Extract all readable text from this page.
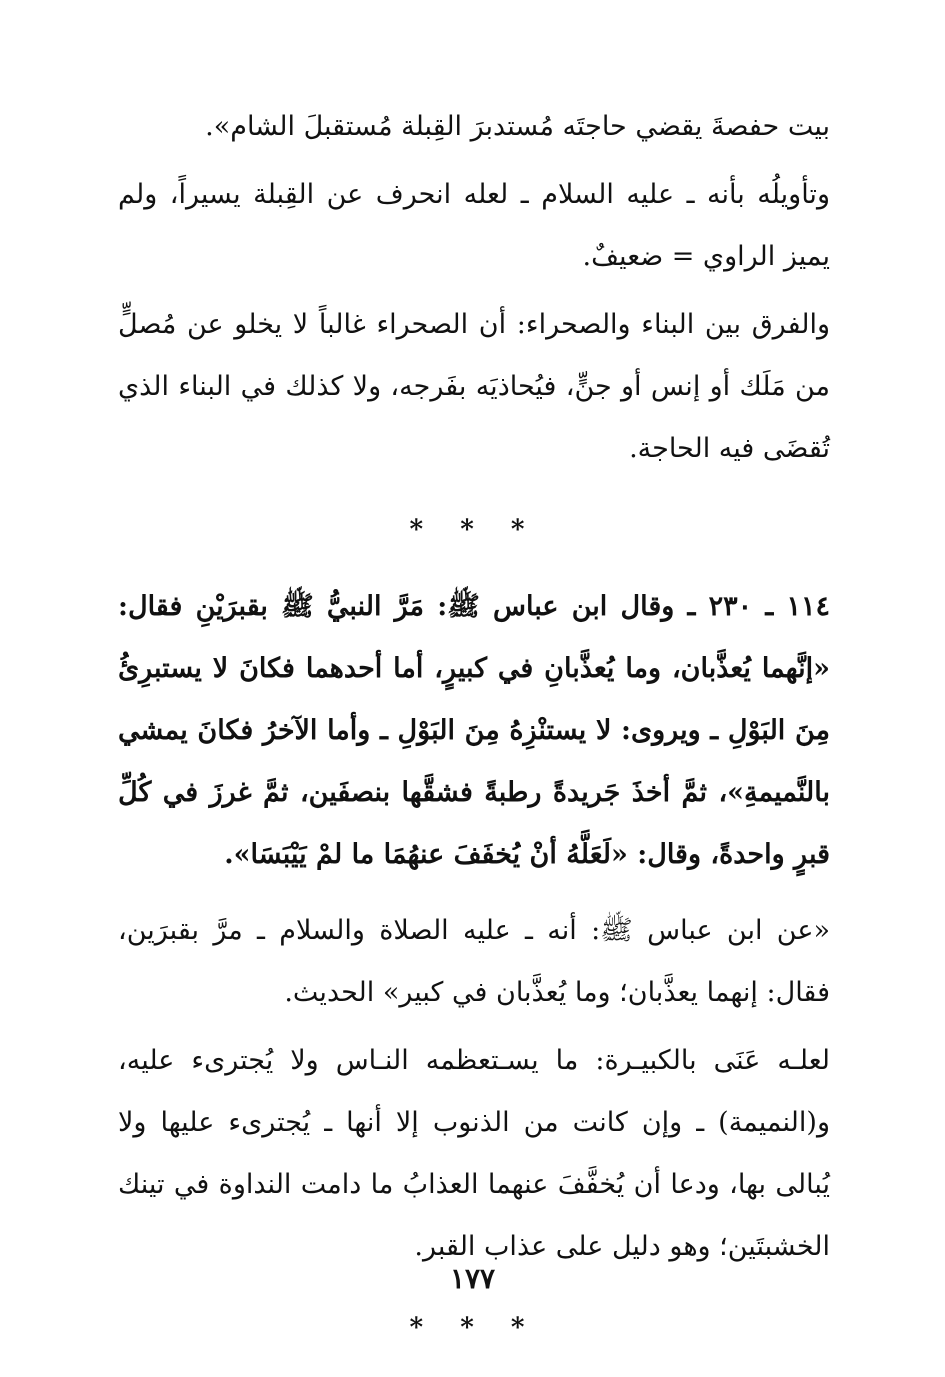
بيت حفصةَ يقضي حاجتَه مُستدبرَ القِبلة مُستقبلَ الشام».

وتأويلُه بأنه ـ عليه السلام ـ لعله انحرف عن القِبلة يسيراً، ولم يميز الراوي = ضعيفٌ.

والفرق بين البناء والصحراء: أن الصحراء غالباً لا يخلو عن مُصلٍّ من مَلَك أو إنس أو جنٍّ، فيُحاذيَه بفَرجه، ولا كذلك في البناء الذي تُقضَى فيه الحاجة.

* * *

١١٤ ـ ٢٣٠ ـ وقال ابن عباس ﷺ: مَرَّ النبيُّ ﷺ بقبرَيْنِ فقال: «إنَّهما يُعذَّبان، وما يُعذَّبانِ في كبيرٍ، أما أحدهما فكانَ لا يستبرِئُ مِنَ البَوْلِ ـ ويروى: لا يستنْزِهُ مِنَ البَوْلِ ـ وأما الآخرُ فكانَ يمشي بالنَّميمةِ»، ثمَّ أخذَ جَريدةً رطبةً فشقَّها بنصفَين، ثمَّ غرزَ في كُلِّ قبرٍ واحدةً، وقال: «لَعَلَّهُ أنْ يُخفَفَ عنهُمَا ما لمْ يَيْبَسَا».

«عن ابن عباس ﷺ: أنه ـ عليه الصلاة والسلام ـ مرَّ بقبرَين، فقال: إنهما يعذَّبان؛ وما يُعذَّبان في كبير» الحديث.

لعلـه عَنَى بالكبيـرة: ما يسـتعظمه النـاس ولا يُجترىء عليه، و(النميمة) ـ وإن كانت من الذنوب إلا أنها ـ يُجترىء عليها ولا يُبالى بها، ودعا أن يُخفَّفَ عنهما العذابُ ما دامت النداوة في تينك الخشبتَين؛ وهو دليل على عذاب القبر.

* * *
١٧٧
